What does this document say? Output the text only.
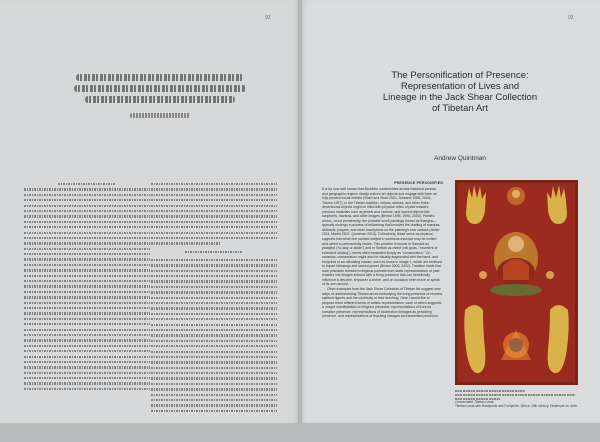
92	93
The Personification of Presence:
Representation of Lives and
Lineage in the Jack Shear Collection
of Tibetan Art
Andrew Quintman
PRESENCE PERSONIFIED

It is by now well known that Buddhist communities across historical periods and geographic regions ritually enliven art objects and engage with them as fully present social entities (Sharf and Sharf 2001; Swearer 1995, 2004; Trainor 1997). In the Tibetan tradition, stūpas, statues, and other three-dimensional objects might be filled with physical relics of past masters, precious materials such as jewels and incense, and sacred objects like scriptures, mantras, and other images (Bentor 1995, 1996, 2003). Painted works—most prominently, the portable scroll paintings known as thangka—typically undergo a process of enlivening that involves the drafting of mantras, dhāraṇīs, prayers, and other inscriptions on the painting's rear surface (Heller 2011; Martin 2001; Quintman 2013). Collectively, these serve as physical supports into which the painted subject's numinous essence may be invited and called to permanently reside. This practice is known in Sanskrit as pratiṣṭhā ("to stay or abide") and in Tibetan as rabné (rab gnas, "excellent or extended abiding"), terms often translated simply as "consecration." On occasion, consecration might also be visually augmented with the hand- and footprints of an officiating master, such as those in Image 1, which are believed to impart blessings and sacred power (Brown 2000, 2002). Tradition holds that such practices transform religious portraits from static representations of past masters into images imbued with a living presence that can beneficially influence a devotee, empower a shrine, and on occasion even move or speak of its own accord.

Other examples from the Jack Shear Collection of Tibetan Art suggest new ways of understanding Tibetan art as embodying the living presence of revered spiritual figures and the continuity of their teaching. Here I would like to propose three different forms of artistic representation, each of which suggests a unique manifestation of religious presence: representations of lives as narrative presence, representations of incarnation lineages as persisting presence, and representations of teaching lineages as transmitted presence.

Consecrated Tibetan Lama
Tibetan Lama with Handprints and Footprints, 18th or 19th century. Distemper on cloth.
